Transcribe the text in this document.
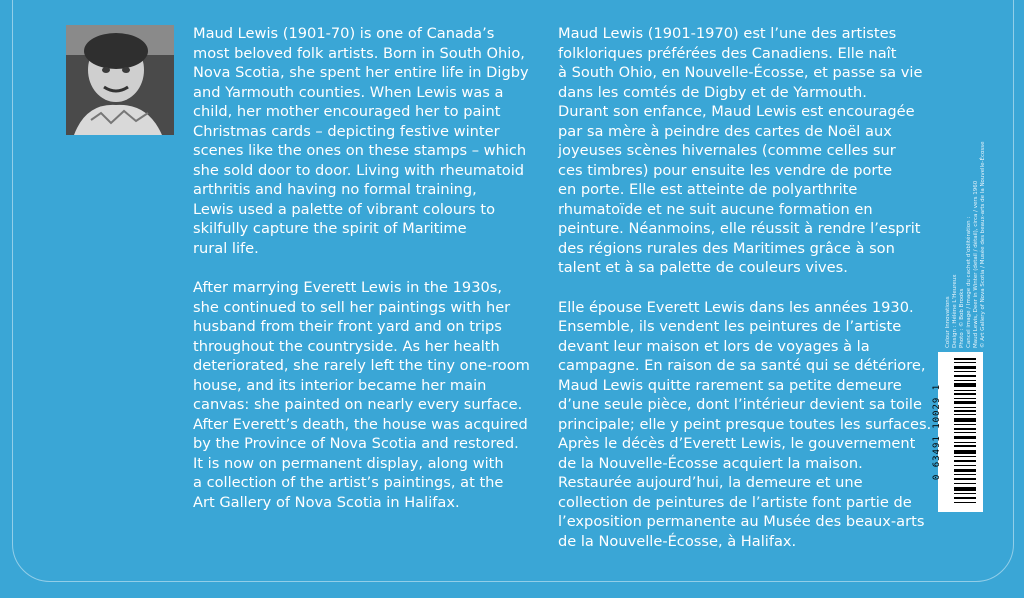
Maud Lewis (1901-70) is one of Canada’s
most beloved folk artists. Born in South Ohio,
Nova Scotia, she spent her entire life in Digby
and Yarmouth counties. When Lewis was a
child, her mother encouraged her to paint
Christmas cards – depicting festive winter
scenes like the ones on these stamps – which
she sold door to door. Living with rheumatoid
arthritis and having no formal training,
Lewis used a palette of vibrant colours to
skilfully capture the spirit of Maritime
rural life.

After marrying Everett Lewis in the 1930s,
she continued to sell her paintings with her
husband from their front yard and on trips
throughout the countryside. As her health
deteriorated, she rarely left the tiny one-room
house, and its interior became her main
canvas: she painted on nearly every surface.
After Everett’s death, the house was acquired
by the Province of Nova Scotia and restored.
It is now on permanent display, along with
a collection of the artist’s paintings, at the
Art Gallery of Nova Scotia in Halifax.

Maud Lewis (1901-1970) est l’une des artistes
folkloriques préférées des Canadiens. Elle naît
à South Ohio, en Nouvelle-Écosse, et passe sa vie
dans les comtés de Digby et de Yarmouth.
Durant son enfance, Maud Lewis est encouragée
par sa mère à peindre des cartes de Noël aux
joyeuses scènes hivernales (comme celles sur
ces timbres) pour ensuite les vendre de porte
en porte. Elle est atteinte de polyarthrite
rhumatoïde et ne suit aucune formation en
peinture. Néanmoins, elle réussit à rendre l’esprit
des régions rurales des Maritimes grâce à son
talent et à sa palette de couleurs vives.

Elle épouse Everett Lewis dans les années 1930.
Ensemble, ils vendent les peintures de l’artiste
devant leur maison et lors de voyages à la
campagne. En raison de sa santé qui se détériore,
Maud Lewis quitte rarement sa petite demeure
d’une seule pièce, dont l’intérieur devient sa toile
principale; elle y peint presque toutes les surfaces.
Après le décès d’Everett Lewis, le gouvernement
de la Nouvelle-Écosse acquiert la maison.
Restaurée aujourd’hui, la demeure et une
collection de peintures de l’artiste font partie de
l’exposition permanente au Musée des beaux-arts
de la Nouvelle-Écosse, à Halifax.

Colour Innovations Design : Hélène L’Heureux Photo : © Bob Brooks Cancel image / Image du cachet d’oblitération : Maud Lewis, Deer in Winter (detail / détail), circa / vers 1960 © Art Gallery of Nova Scotia / Musée des beaux-arts de la Nouvelle-Écosse
0 63491 10029 1
